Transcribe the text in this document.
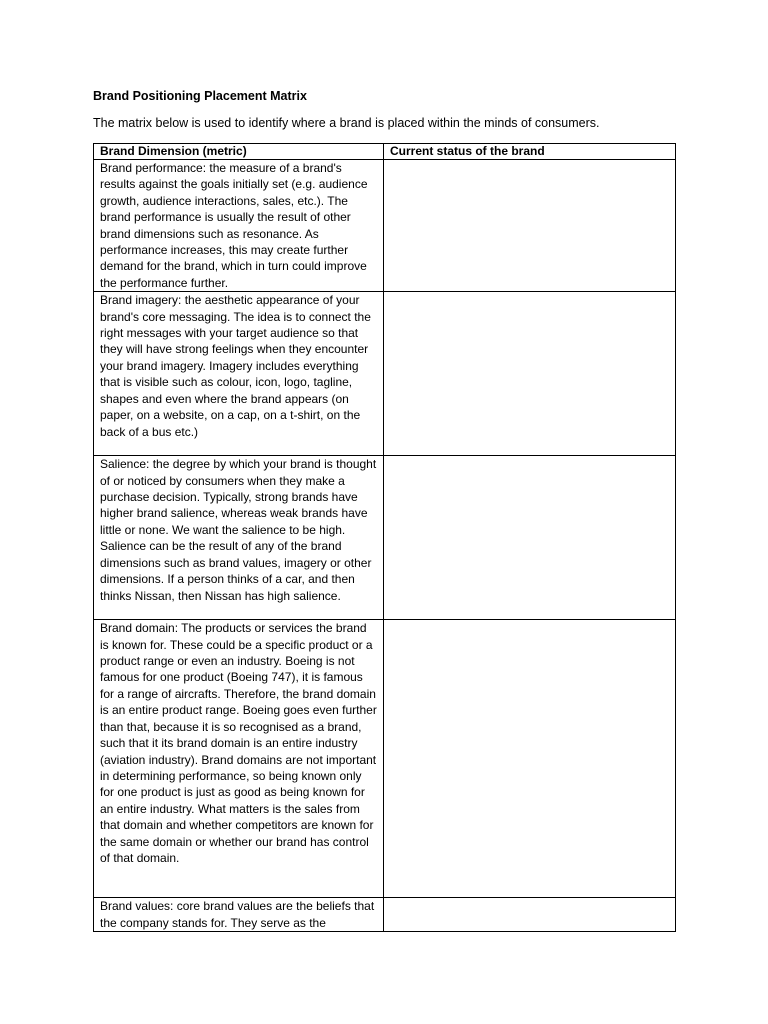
Brand Positioning Placement Matrix
The matrix below is used to identify where a brand is placed within the minds of consumers.
Brand Dimension (metric)	Current status of the brand
Brand performance: the measure of a brand's results against the goals initially set (e.g. audience growth, audience interactions, sales, etc.). The brand performance is usually the result of other brand dimensions such as resonance. As performance increases, this may create further demand for the brand, which in turn could improve the performance further.	
Brand imagery: the aesthetic appearance of your brand's core messaging. The idea is to connect the right messages with your target audience so that they will have strong feelings when they encounter your brand imagery. Imagery includes everything that is visible such as colour, icon, logo, tagline, shapes and even where the brand appears (on paper, on a website, on a cap, on a t-shirt, on the back of a bus etc.)	
Salience: the degree by which your brand is thought of or noticed by consumers when they make a purchase decision. Typically, strong brands have higher brand salience, whereas weak brands have little or none. We want the salience to be high. Salience can be the result of any of the brand dimensions such as brand values, imagery or other dimensions. If a person thinks of a car, and then thinks Nissan, then Nissan has high salience.	
Brand domain: The products or services the brand is known for. These could be a specific product or a product range or even an industry. Boeing is not famous for one product (Boeing 747), it is famous for a range of aircrafts. Therefore, the brand domain is an entire product range. Boeing goes even further than that, because it is so recognised as a brand, such that it its brand domain is an entire industry (aviation industry). Brand domains are not important in determining performance, so being known only for one product is just as good as being known for an entire industry. What matters is the sales from that domain and whether competitors are known for the same domain or whether our brand has control of that domain.	
Brand values: core brand values are the beliefs that the company stands for. They serve as the	
